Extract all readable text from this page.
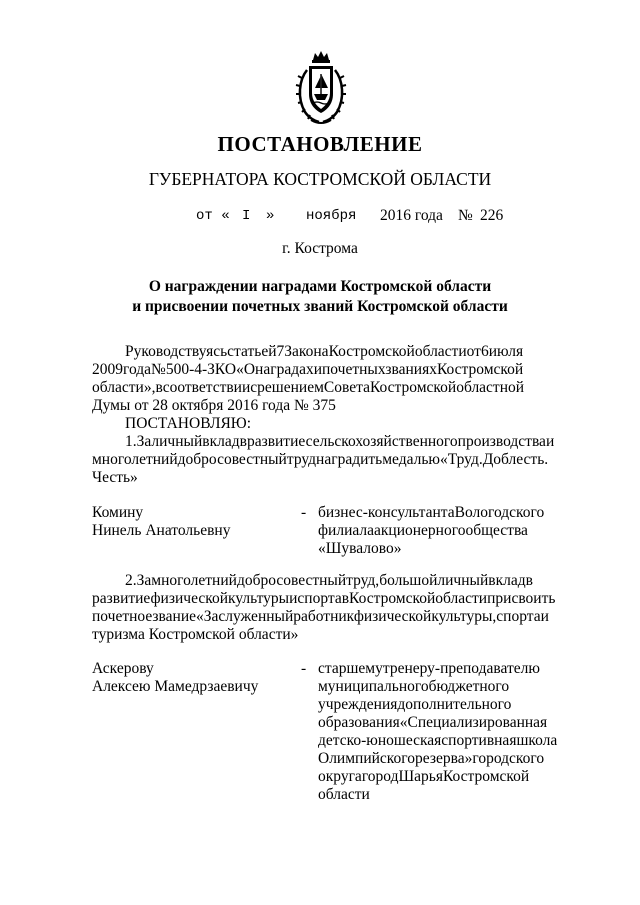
ПОСТАНОВЛЕНИЕ
ГУБЕРНАТОРА КОСТРОМСКОЙ ОБЛАСТИ
от « I » ноября 2016 года № 226
г. Кострома
О награждении наградами Костромской области
и присвоении почетных званий Костромской области
Руководствуясьстатьей7ЗаконаКостромскойобластиот6июля
2009года№500-4-ЗКО«ОнаградахипочетныхзванияхКостромской
области»,всоответствиисрешениемСоветаКостромскойобластной
Думы от 28 октября 2016 года № 375
ПОСТАНОВЛЯЮ:
1.Заличныйвкладвразвитиесельскохозяйственногопроизводстваи
многолетнийдобросовестныйтруднаградитьмедалью«Труд.Доблесть.
Честь»
Комину
Нинель Анатольевну
- бизнес-консультантаВологодского
филиалаакционерногообщества
«Шувалово»
2.Замноголетнийдобросовестныйтруд,большойличныйвкладв
развитиефизическойкультурыиспортавКостромскойобластиприсвоить
почетноезвание«Заслуженныйработникфизическойкультуры,спортаи
туризма Костромской области»
Аскерову
Алексею Мамедрзаевичу
- старшемутренеру-преподавателю
муниципальногобюджетного
учреждениядополнительного
образования«Специализированная
детско-юношескаяспортивнаяшкола
Олимпийскогорезерва»городского
округагородШарьяКостромской
области
